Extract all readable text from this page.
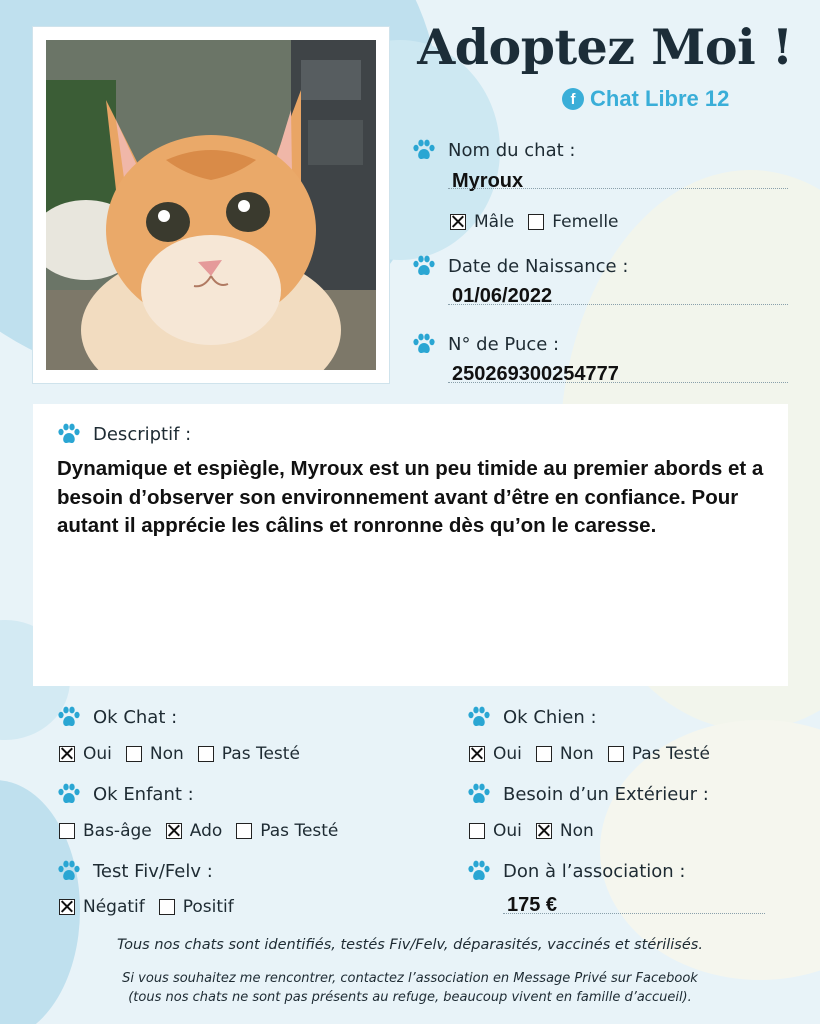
Adoptez Moi !
f Chat Libre 12
Nom du chat :
Myroux
Mâle Femelle
Date de Naissance :
01/06/2022
N° de Puce :
250269300254777
Descriptif :
Dynamique et espiègle, Myroux est un peu timide au premier abords et a besoin d’observer son environnement avant d’être en confiance. Pour autant il apprécie les câlins et ronronne dès qu’on le caresse.
Ok Chat :
Oui Non Pas Testé
Ok Enfant :
Bas-âge Ado Pas Testé
Test Fiv/Felv :
Négatif Positif
Ok Chien :
Oui Non Pas Testé
Besoin d’un Extérieur :
Oui Non
Don à l’association :
175 €
Tous nos chats sont identifiés, testés Fiv/Felv, déparasités, vaccinés et stérilisés.
Si vous souhaitez me rencontrer, contactez l’association en Message Privé sur Facebook
(tous nos chats ne sont pas présents au refuge, beaucoup vivent en famille d’accueil).
